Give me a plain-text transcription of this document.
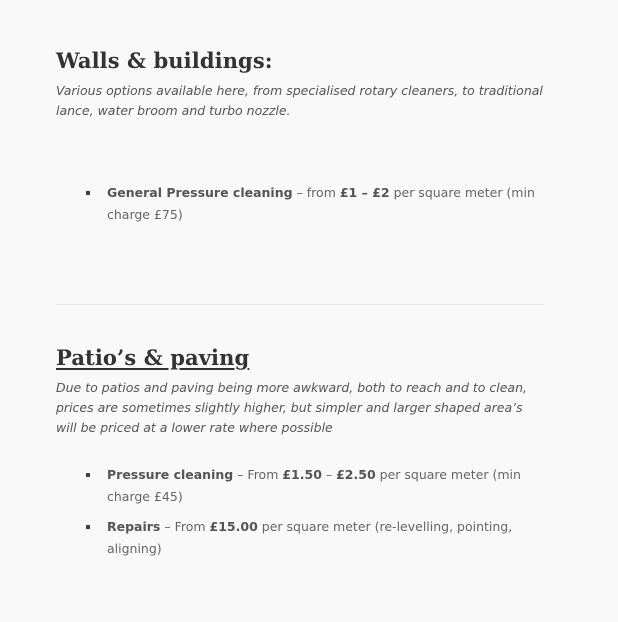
Walls & buildings:

Various options available here, from specialised rotary cleaners, to traditional lance, water broom and turbo nozzle.

General Pressure cleaning – from £1 – £2 per square meter (min charge £75)
Patio’s & paving

Due to patios and paving being more awkward, both to reach and to clean, prices are sometimes slightly higher, but simpler and larger shaped area’s will be priced at a lower rate where possible

Pressure cleaning – From £1.50 – £2.50 per square meter (min charge £45)
Repairs – From £15.00 per square meter (re-levelling, pointing, aligning)
